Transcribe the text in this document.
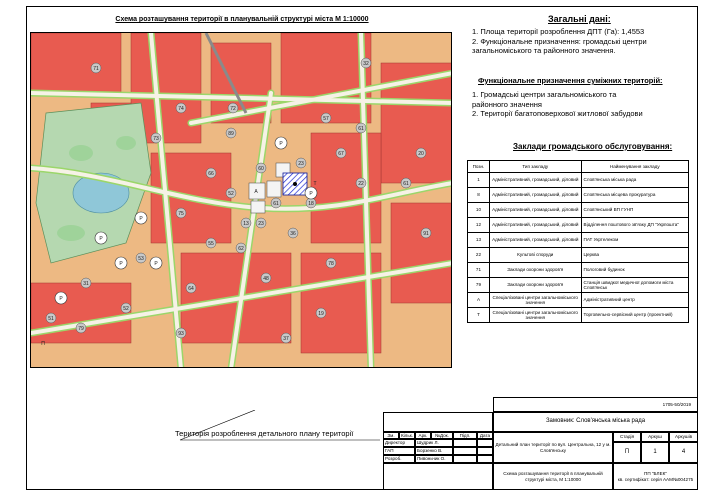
Схема розташування території в планувальній структурі міста М 1:10000
74	72
73
89
57
61
60
67
66
52
23
36
18
22
55
62
64
48
78
19
52
79
51
20
91
93
37
53
61
75
71
31
32
23
13
61
A
P
P
P
P
P
P
P
T
П
Територія розроблення детального плану території
Загальні дані:
1. Площа території розроблення ДПТ (Га): 1,4553
2. Функціональне призначення: громадські центри загальноміського та районного значення.
Функціональне призначення суміжних територій:
1. Громадські центри загальноміського та районного значення
2. Території багатоповерхової житлової забудови
Заклади громадського обслуговування:
Позн.	Тип закладу	Найменування закладу
1	Адміністративний, громадський, діловий	Слов'янська міська рада
8	Адміністративний, громадський, діловий	Слов'янська місцева прокуратура
10	Адміністративний, громадський, діловий	Слов'янський ВП ГУНП
12	Адміністративний, громадський, діловий	Відділення поштового зв'язку ДП "Укрпошта"
13	Адміністративний, громадський, діловий	ПАТ Укртелеком
22	Культові споруди	Церква
71	Заклади охорони здоров'я	Пологовий будинок
79	Заклади охорони здоров'я	Станція швидкої медичної допомоги міста Слов'янськ
А	Спеціалізовані центри загальноміського значення	Адміністративний центр
Т	Спеціалізовані центри загальноміського значення	Торговельно-сервісний центр (проектний)
1705-50/2019
Замовник: Слов'янська міська рада
Зм.	Кільк.	Арк.	№Док.	Підп.	Дата
Директор	Шудрик Л.
ГАП	Борзенко В.
Розроб.	Пивоньчик О.
Детальний план території по вул. Центральна, 12 у м. Слов'янську
Стадія	Аркуш	Аркушів
П	1	4
Схема розташування території в планувальній структурі міста, М 1:10000
ПП "БЛЕК"
кв. сертифікат: серія ААМ№004275
